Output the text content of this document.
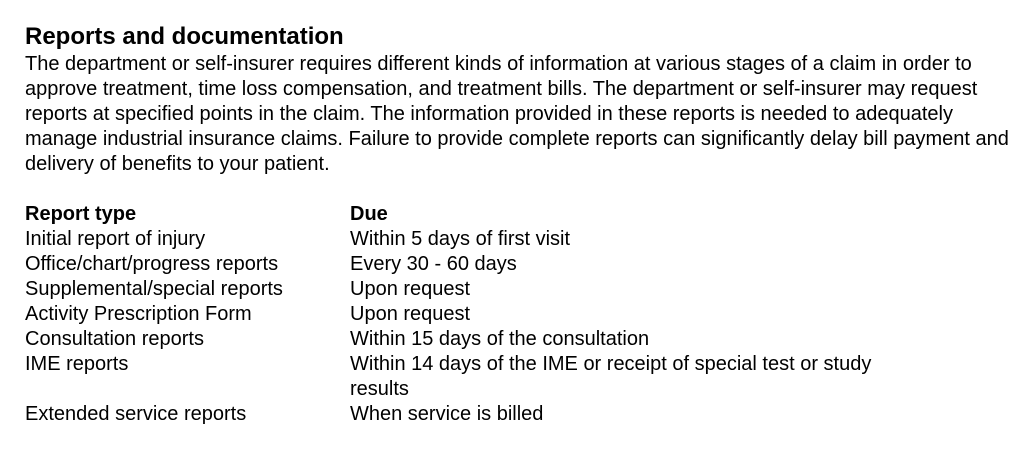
Reports and documentation

The department or self-insurer requires different kinds of information at various stages of a claim in order to approve treatment, time loss compensation, and treatment bills. The department or self-insurer may request reports at specified points in the claim. The information provided in these reports is needed to adequately manage industrial insurance claims. Failure to provide complete reports can significantly delay bill payment and delivery of benefits to your patient.

Report type	Due
Initial report of injury	Within 5 days of first visit
Office/chart/progress reports	Every 30 - 60 days
Supplemental/special reports	Upon request
Activity Prescription Form	Upon request
Consultation reports	Within 15 days of the consultation
IME reports	Within 14 days of the IME or receipt of special test or study results
Extended service reports	When service is billed
